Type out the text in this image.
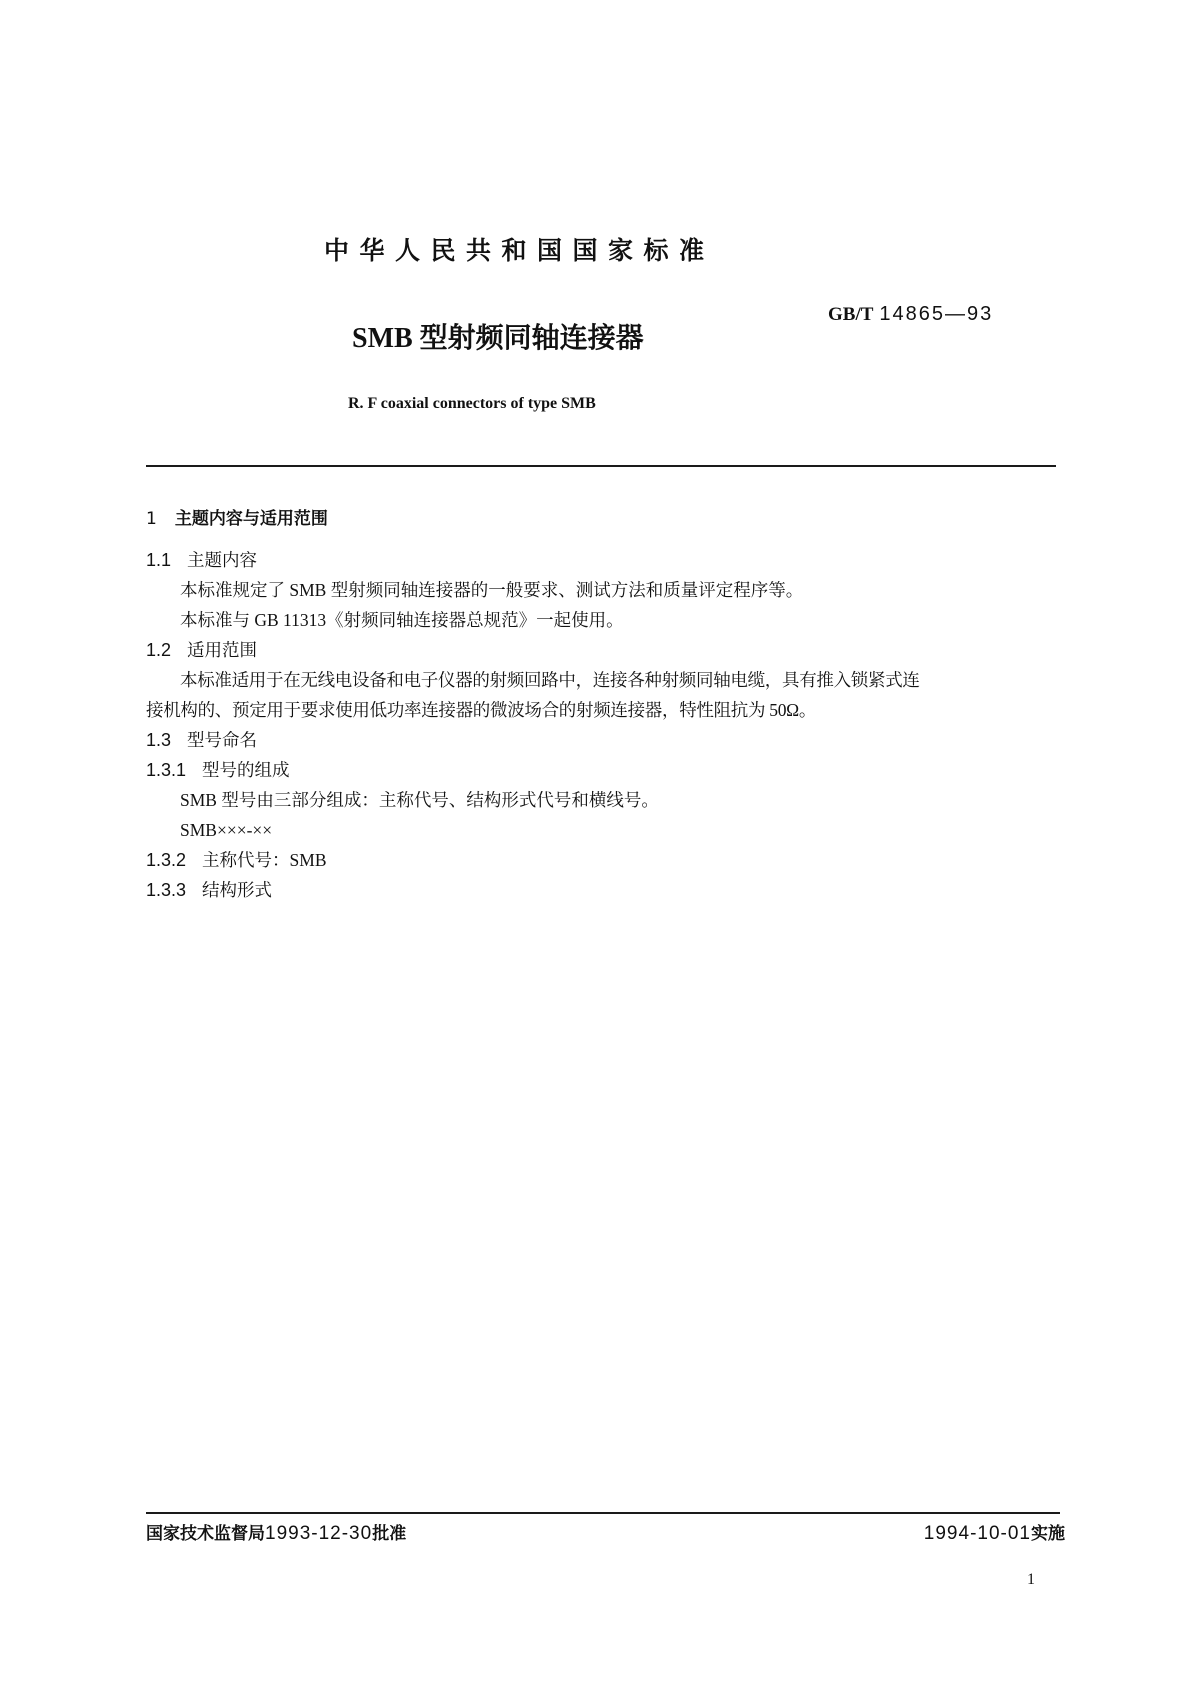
中华人民共和国国家标准
GB/T 14865—93
SMB 型射频同轴连接器
R. F coaxial connectors of type SMB
1 主题内容与适用范围
1.1 主题内容
本标准规定了 SMB 型射频同轴连接器的一般要求、测试方法和质量评定程序等。
本标准与 GB 11313《射频同轴连接器总规范》一起使用。
1.2 适用范围
本标准适用于在无线电设备和电子仪器的射频回路中，连接各种射频同轴电缆，具有推入锁紧式连
接机构的、预定用于要求使用低功率连接器的微波场合的射频连接器，特性阻抗为 50Ω。
1.3 型号命名
1.3.1 型号的组成
SMB 型号由三部分组成：主称代号、结构形式代号和横线号。
SMB×××-××
1.3.2 主称代号：SMB
1.3.3 结构形式
国家技术监督局1993-12-30批准	1994-10-01实施
1
